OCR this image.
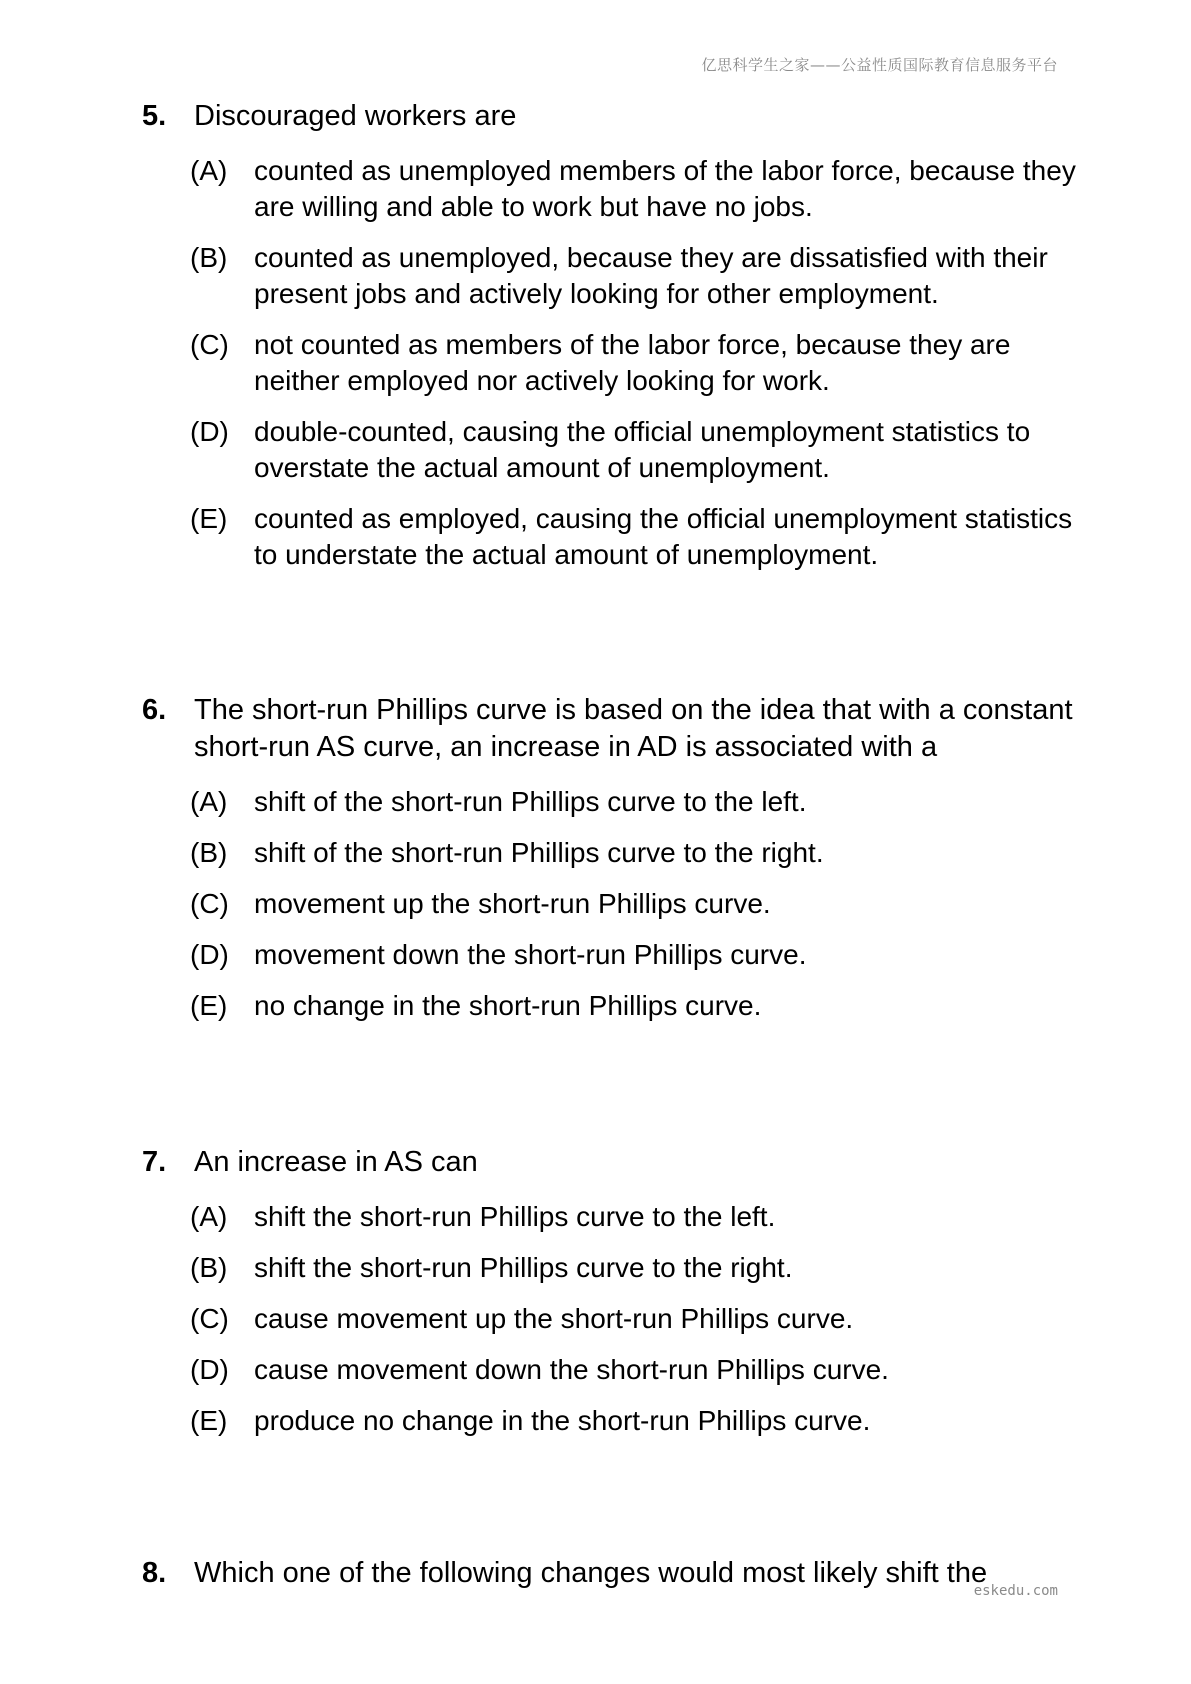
亿思科学生之家——公益性质国际教育信息服务平台
5. Discouraged workers are
(A) counted as unemployed members of the labor force, because they are willing and able to work but have no jobs.
(B) counted as unemployed, because they are dissatisfied with their present jobs and actively looking for other employment.
(C) not counted as members of the labor force, because they are neither employed nor actively looking for work.
(D) double-counted, causing the official unemployment statistics to overstate the actual amount of unemployment.
(E) counted as employed, causing the official unemployment statistics to understate the actual amount of unemployment.
6. The short-run Phillips curve is based on the idea that with a constant short-run AS curve, an increase in AD is associated with a
(A) shift of the short-run Phillips curve to the left.
(B) shift of the short-run Phillips curve to the right.
(C) movement up the short-run Phillips curve.
(D) movement down the short-run Phillips curve.
(E) no change in the short-run Phillips curve.
7. An increase in AS can
(A) shift the short-run Phillips curve to the left.
(B) shift the short-run Phillips curve to the right.
(C) cause movement up the short-run Phillips curve.
(D) cause movement down the short-run Phillips curve.
(E) produce no change in the short-run Phillips curve.
8. Which one of the following changes would most likely shift the
eskedu.com
